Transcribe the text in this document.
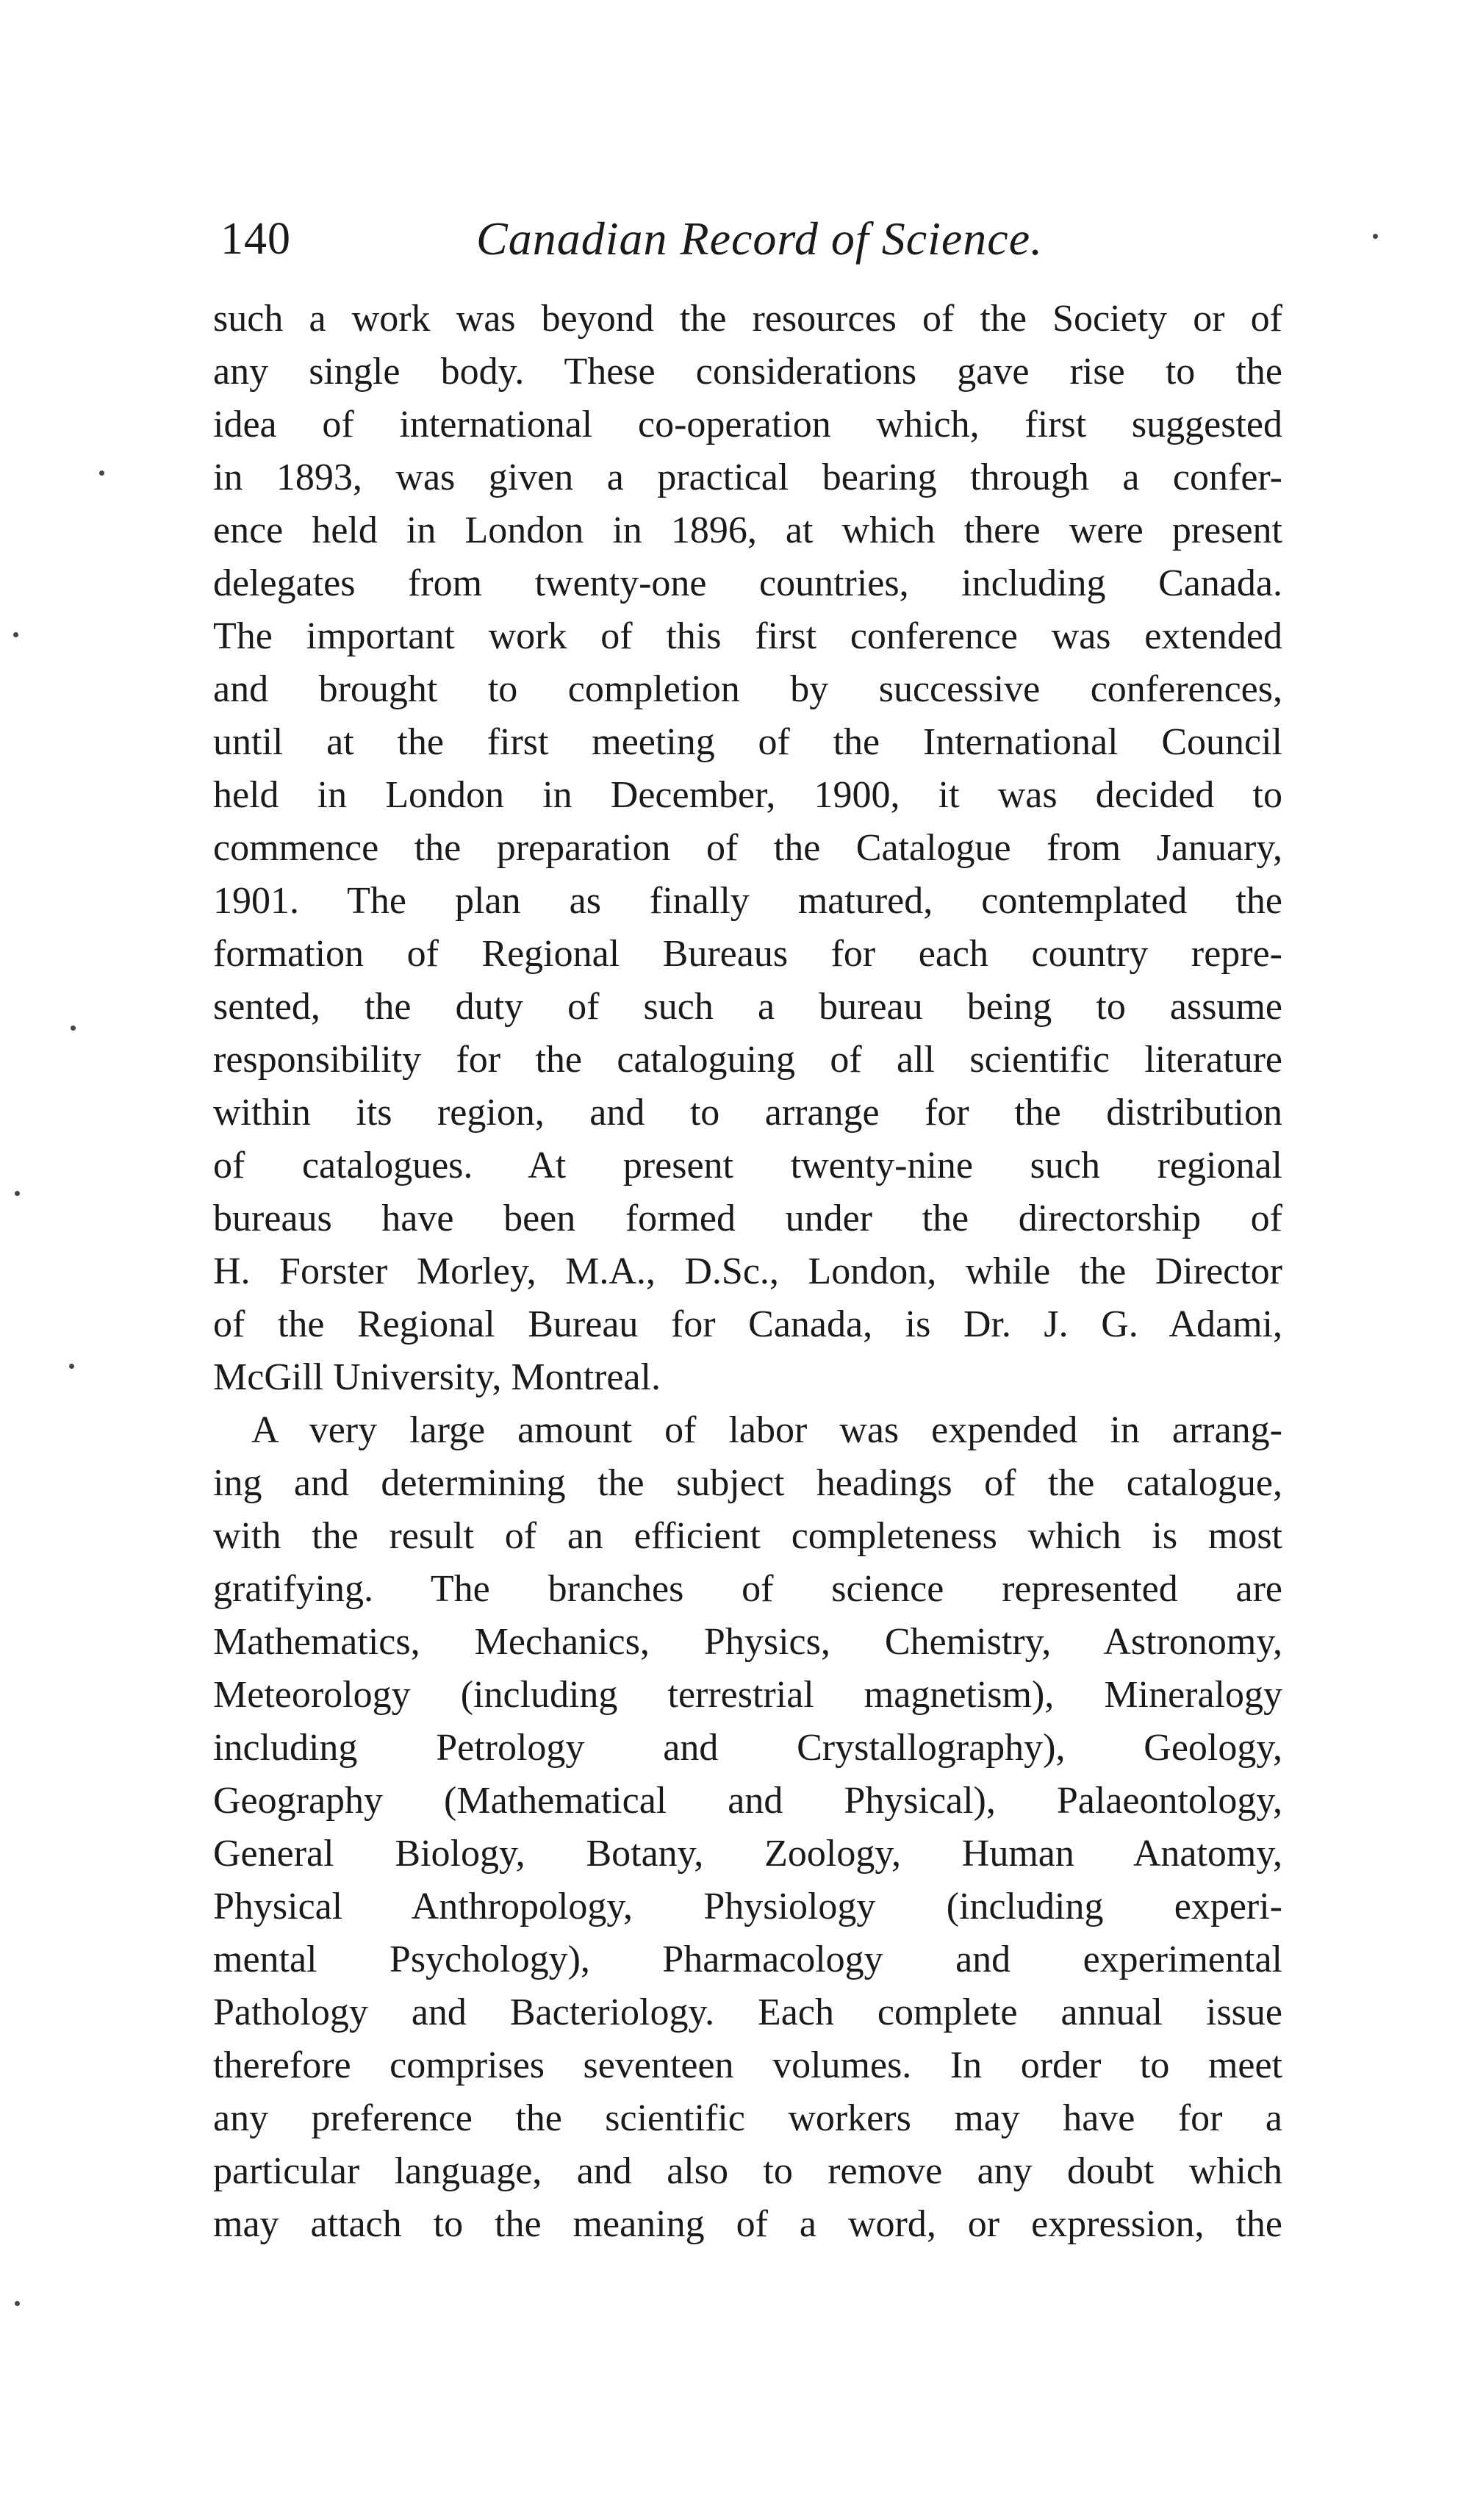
140	Canadian Record of Science.
such a work was beyond the resources of the Society or of
any single body. These considerations gave rise to the
idea of international co-operation which, first suggested
in 1893, was given a practical bearing through a confer-
ence held in London in 1896, at which there were present
delegates from twenty-one countries, including Canada.
The important work of this first conference was extended
and brought to completion by successive conferences,
until at the first meeting of the International Council
held in London in December, 1900, it was decided to
commence the preparation of the Catalogue from January,
1901. The plan as finally matured, contemplated the
formation of Regional Bureaus for each country repre-
sented, the duty of such a bureau being to assume
responsibility for the cataloguing of all scientific literature
within its region, and to arrange for the distribution
of catalogues. At present twenty-nine such regional
bureaus have been formed under the directorship of
H. Forster Morley, M.A., D.Sc., London, while the Director
of the Regional Bureau for Canada, is Dr. J. G. Adami,
McGill University, Montreal.
A very large amount of labor was expended in arrang-
ing and determining the subject headings of the catalogue,
with the result of an efficient completeness which is most
gratifying. The branches of science represented are
Mathematics, Mechanics, Physics, Chemistry, Astronomy,
Meteorology (including terrestrial magnetism), Mineralogy
including Petrology and Crystallography), Geology,
Geography (Mathematical and Physical), Palaeontology,
General Biology, Botany, Zoology, Human Anatomy,
Physical Anthropology, Physiology (including experi-
mental Psychology), Pharmacology and experimental
Pathology and Bacteriology. Each complete annual issue
therefore comprises seventeen volumes. In order to meet
any preference the scientific workers may have for a
particular language, and also to remove any doubt which
may attach to the meaning of a word, or expression, the
